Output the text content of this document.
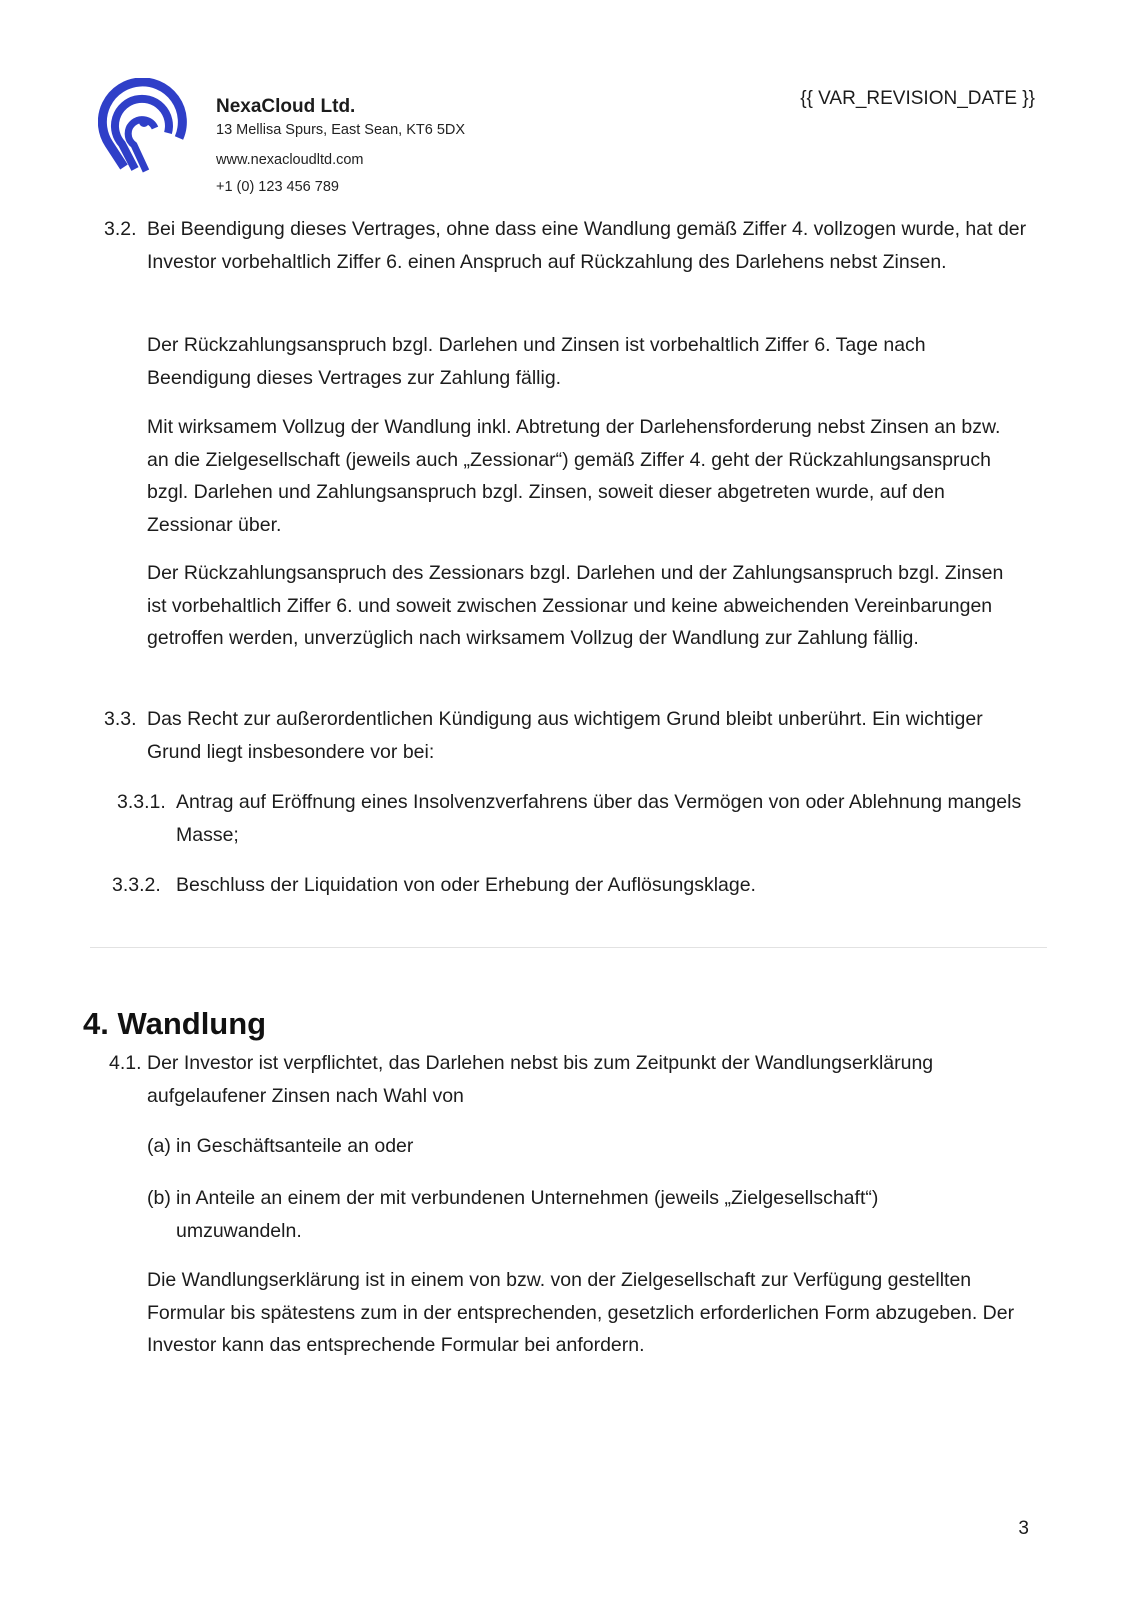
NexaCloud Ltd.
13 Mellisa Spurs, East Sean, KT6 5DX
www.nexacloudltd.com
+1 (0) 123 456 789
{{ VAR_REVISION_DATE }}
3.2. Bei Beendigung dieses Vertrages, ohne dass eine Wandlung gemäß Ziffer 4. vollzogen wurde, hat der Investor vorbehaltlich Ziffer 6. einen Anspruch auf Rückzahlung des Darlehens nebst Zinsen.
Der Rückzahlungsanspruch bzgl. Darlehen und Zinsen ist vorbehaltlich Ziffer 6. Tage nach Beendigung dieses Vertrages zur Zahlung fällig.
Mit wirksamem Vollzug der Wandlung inkl. Abtretung der Darlehensforderung nebst Zinsen an bzw. an die Zielgesellschaft (jeweils auch „Zessionar“) gemäß Ziffer 4. geht der Rückzahlungsanspruch bzgl. Darlehen und Zahlungsanspruch bzgl. Zinsen, soweit dieser abgetreten wurde, auf den Zessionar über.
Der Rückzahlungsanspruch des Zessionars bzgl. Darlehen und der Zahlungsanspruch bzgl. Zinsen ist vorbehaltlich Ziffer 6. und soweit zwischen Zessionar und keine abweichenden Vereinbarungen getroffen werden, unverzüglich nach wirksamem Vollzug der Wandlung zur Zahlung fällig.
3.3. Das Recht zur außerordentlichen Kündigung aus wichtigem Grund bleibt unberührt. Ein wichtiger Grund liegt insbesondere vor bei:
3.3.1. Antrag auf Eröffnung eines Insolvenzverfahrens über das Vermögen von oder Ablehnung mangels Masse;
3.3.2. Beschluss der Liquidation von oder Erhebung der Auflösungsklage.
4. Wandlung
4.1. Der Investor ist verpflichtet, das Darlehen nebst bis zum Zeitpunkt der Wandlungserklärung aufgelaufener Zinsen nach Wahl von
(a) in Geschäftsanteile an oder
(b) in Anteile an einem der mit verbundenen Unternehmen (jeweils „Zielgesellschaft“) umzuwandeln.
Die Wandlungserklärung ist in einem von bzw. von der Zielgesellschaft zur Verfügung gestellten Formular bis spätestens zum in der entsprechenden, gesetzlich erforderlichen Form abzugeben. Der Investor kann das entsprechende Formular bei anfordern.
3
